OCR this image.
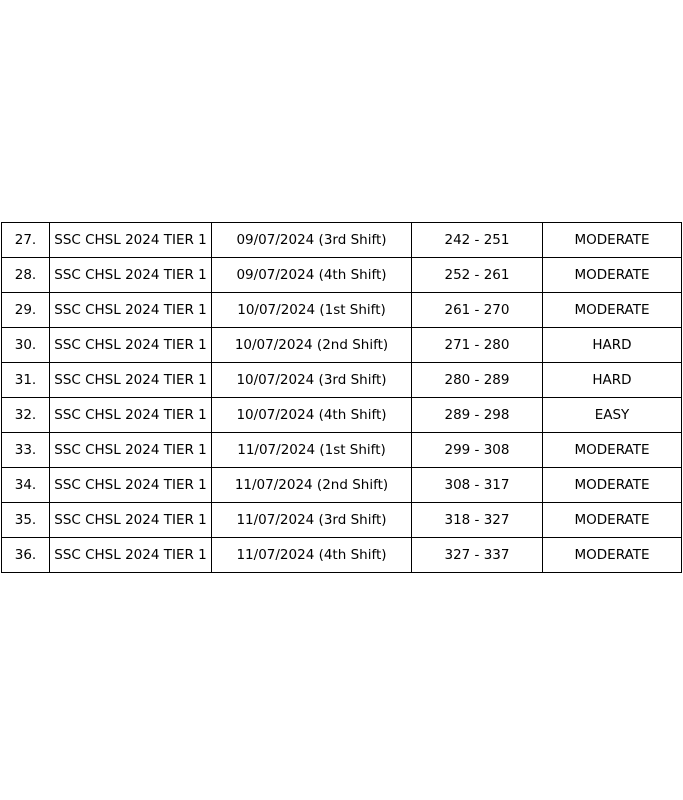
27.	SSC CHSL 2024 TIER 1	09/07/2024 (3rd Shift)	242 - 251	MODERATE
28.	SSC CHSL 2024 TIER 1	09/07/2024 (4th Shift)	252 - 261	MODERATE
29.	SSC CHSL 2024 TIER 1	10/07/2024 (1st Shift)	261 - 270	MODERATE
30.	SSC CHSL 2024 TIER 1	10/07/2024 (2nd Shift)	271 - 280	HARD
31.	SSC CHSL 2024 TIER 1	10/07/2024 (3rd Shift)	280 - 289	HARD
32.	SSC CHSL 2024 TIER 1	10/07/2024 (4th Shift)	289 - 298	EASY
33.	SSC CHSL 2024 TIER 1	11/07/2024 (1st Shift)	299 - 308	MODERATE
34.	SSC CHSL 2024 TIER 1	11/07/2024 (2nd Shift)	308 - 317	MODERATE
35.	SSC CHSL 2024 TIER 1	11/07/2024 (3rd Shift)	318 - 327	MODERATE
36.	SSC CHSL 2024 TIER 1	11/07/2024 (4th Shift)	327 - 337	MODERATE
